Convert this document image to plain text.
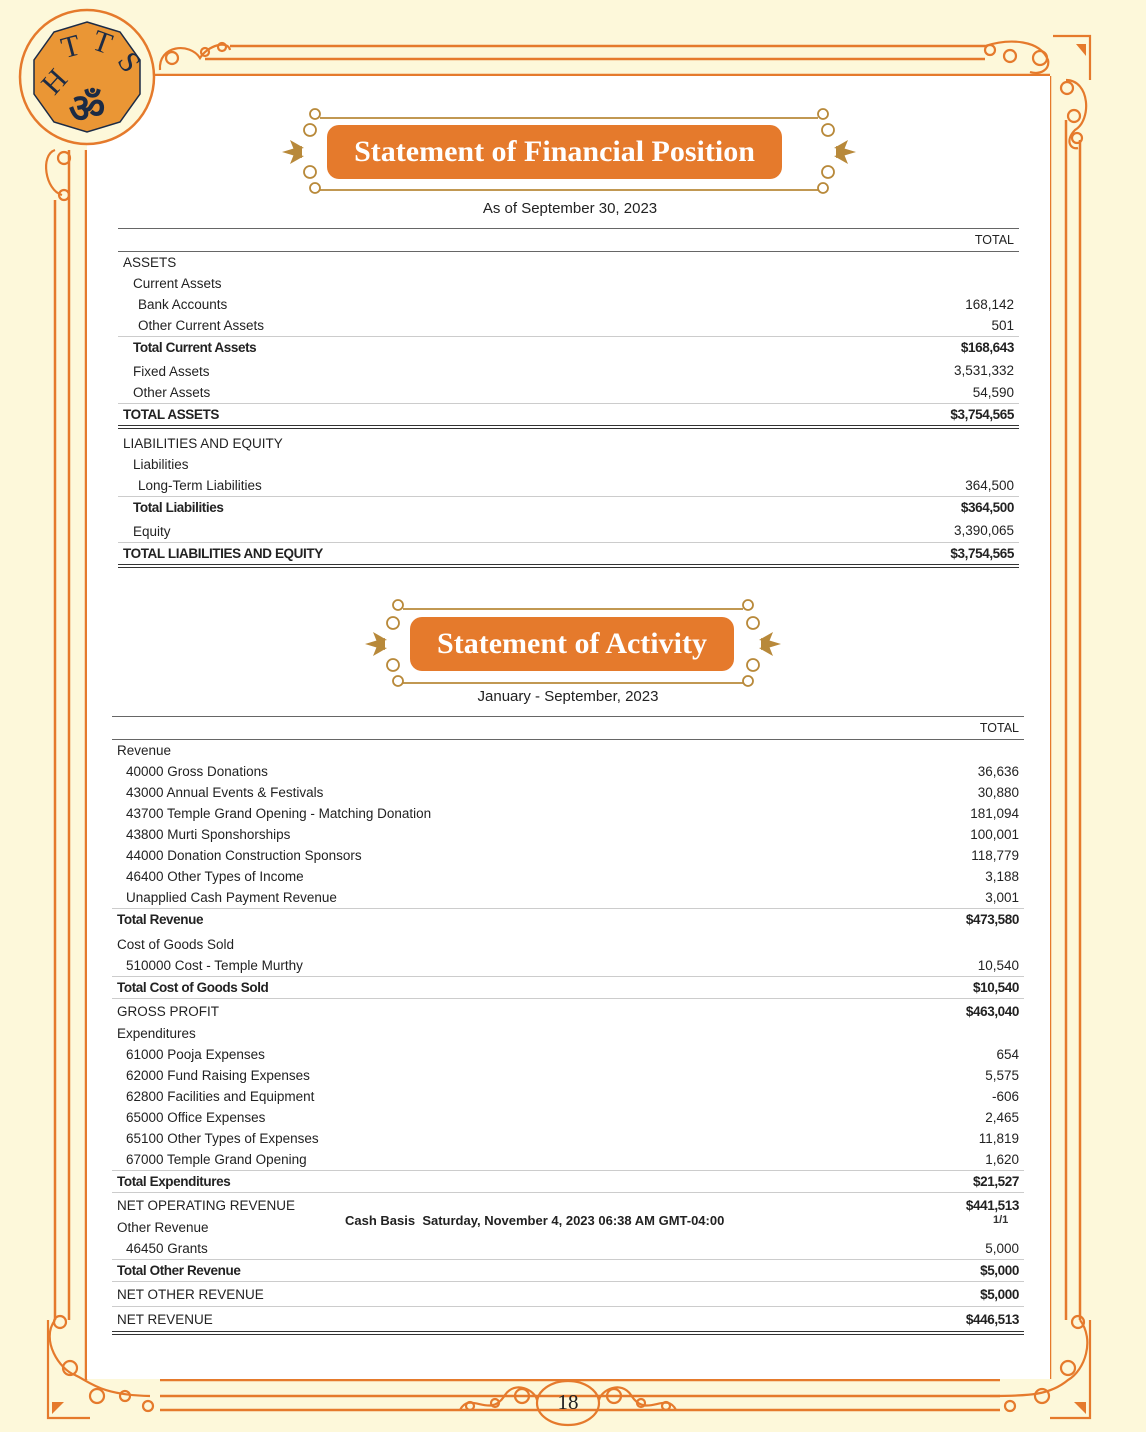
H
T T
S
ॐ
Statement of Financial Position
As of September 30, 2023
	TOTAL
ASSETS	
Current Assets	
Bank Accounts	168,142
Other Current Assets	501
Total Current Assets	$168,643
Fixed Assets	3,531,332
Other Assets	54,590
TOTAL ASSETS	$3,754,565
LIABILITIES AND EQUITY	
Liabilities	
Long-Term Liabilities	364,500
Total Liabilities	$364,500
Equity	3,390,065
TOTAL LIABILITIES AND EQUITY	$3,754,565
Statement of Activity
January - September, 2023
	TOTAL
Revenue	
40000 Gross Donations	36,636
43000 Annual Events & Festivals	30,880
43700 Temple Grand Opening - Matching Donation	181,094
43800 Murti Sponshorships	100,001
44000 Donation Construction Sponsors	118,779
46400 Other Types of Income	3,188
Unapplied Cash Payment Revenue	3,001
Total Revenue	$473,580
Cost of Goods Sold	
510000 Cost - Temple Murthy	10,540
Total Cost of Goods Sold	$10,540
GROSS PROFIT	$463,040
Expenditures	
61000 Pooja Expenses	654
62000 Fund Raising Expenses	5,575
62800 Facilities and Equipment	-606
65000 Office Expenses	2,465
65100 Other Types of Expenses	11,819
67000 Temple Grand Opening	1,620
Total Expenditures	$21,527
NET OPERATING REVENUE	$441,513
Other Revenue	
46450 Grants	5,000
Total Other Revenue	$5,000
NET OTHER REVENUE	$5,000
NET REVENUE	$446,513
Cash Basis  Saturday, November 4, 2023 06:38 AM GMT-04:00	1/1
18
